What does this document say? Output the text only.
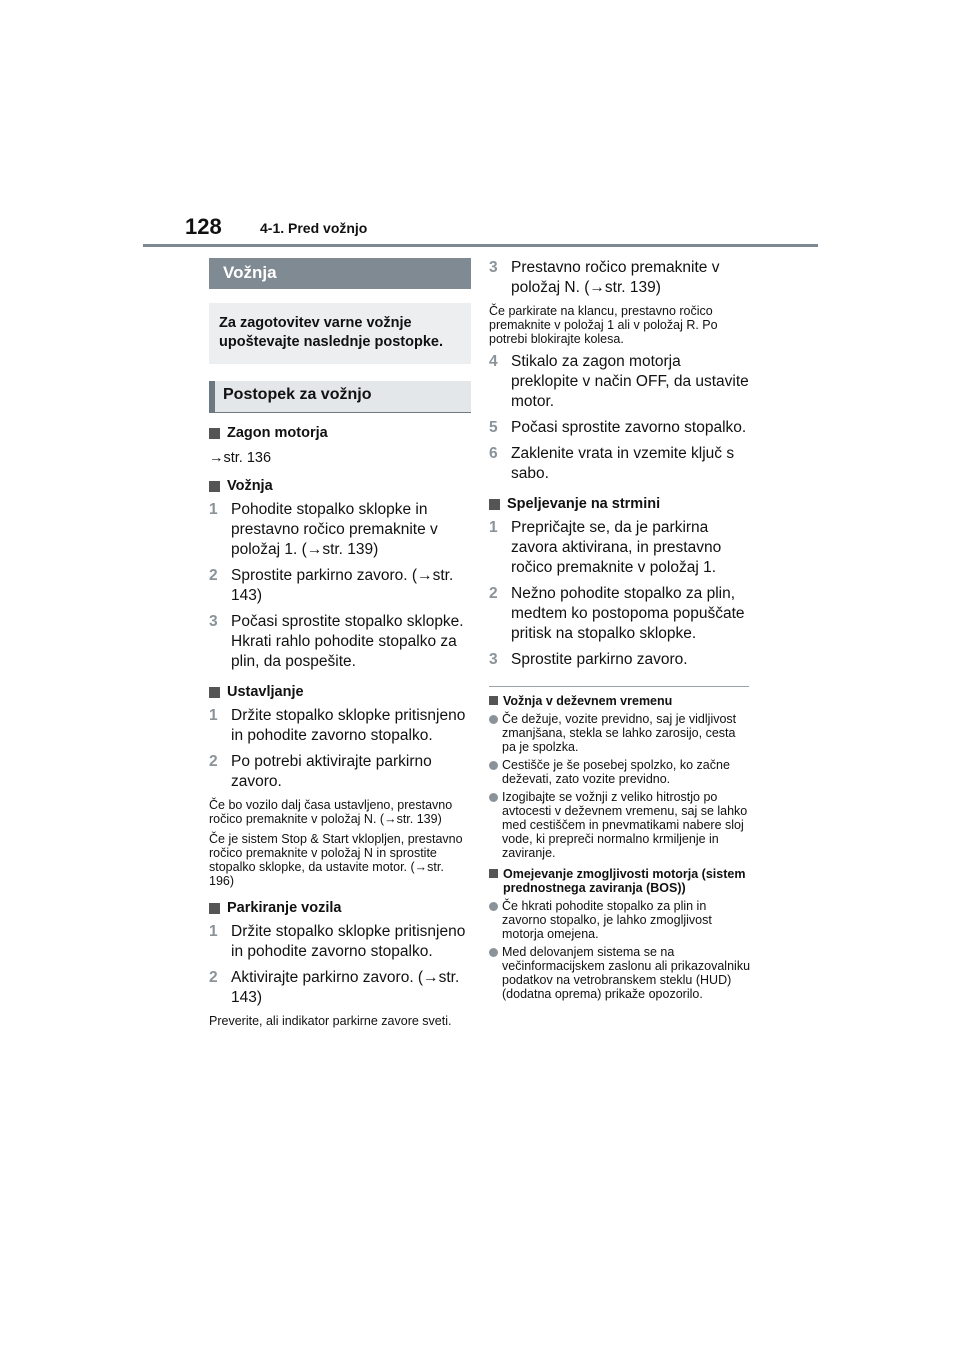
128	4-1. Pred vožnjo
Vožnja
Za zagotovitev varne vožnje upoštevajte naslednje postopke.
Postopek za vožnjo
Zagon motorja
→str. 136
Vožnja
1 Pohodite stopalko sklopke in prestavno ročico premaknite v položaj 1. (→str. 139)
2 Sprostite parkirno zavoro. (→str. 143)
3 Počasi sprostite stopalko sklopke. Hkrati rahlo pohodite stopalko za plin, da pospešite.
Ustavljanje
1 Držite stopalko sklopke pritisnjeno in pohodite zavorno stopalko.
2 Po potrebi aktivirajte parkirno zavoro.
Če bo vozilo dalj časa ustavljeno, prestavno ročico premaknite v položaj N. (→str. 139)
Če je sistem Stop & Start vklopljen, prestavno ročico premaknite v položaj N in sprostite stopalko sklopke, da ustavite motor. (→str. 196)
Parkiranje vozila
1 Držite stopalko sklopke pritisnjeno in pohodite zavorno stopalko.
2 Aktivirajte parkirno zavoro. (→str. 143)
Preverite, ali indikator parkirne zavore sveti.
3 Prestavno ročico premaknite v položaj N. (→str. 139)
Če parkirate na klancu, prestavno ročico premaknite v položaj 1 ali v položaj R. Po potrebi blokirajte kolesa.
4 Stikalo za zagon motorja preklopite v način OFF, da ustavite motor.
5 Počasi sprostite zavorno stopalko.
6 Zaklenite vrata in vzemite ključ s sabo.
Speljevanje na strmini
1 Prepričajte se, da je parkirna zavora aktivirana, in prestavno ročico premaknite v položaj 1.
2 Nežno pohodite stopalko za plin, medtem ko postopoma popuščate pritisk na stopalko sklopke.
3 Sprostite parkirno zavoro.
Vožnja v deževnem vremenu
Če dežuje, vozite previdno, saj je vidljivost zmanjšana, stekla se lahko zarosijo, cesta pa je spolzka.
Cestišče je še posebej spolzko, ko začne deževati, zato vozite previdno.
Izogibajte se vožnji z veliko hitrostjo po avtocesti v deževnem vremenu, saj se lahko med cestiščem in pnevmatikami nabere sloj vode, ki prepreči normalno krmiljenje in zaviranje.
Omejevanje zmogljivosti motorja (sistem prednostnega zaviranja (BOS))
Če hkrati pohodite stopalko za plin in zavorno stopalko, je lahko zmogljivost motorja omejena.
Med delovanjem sistema se na večinformacijskem zaslonu ali prikazovalniku podatkov na vetrobranskem steklu (HUD) (dodatna oprema) prikaže opozorilo.
